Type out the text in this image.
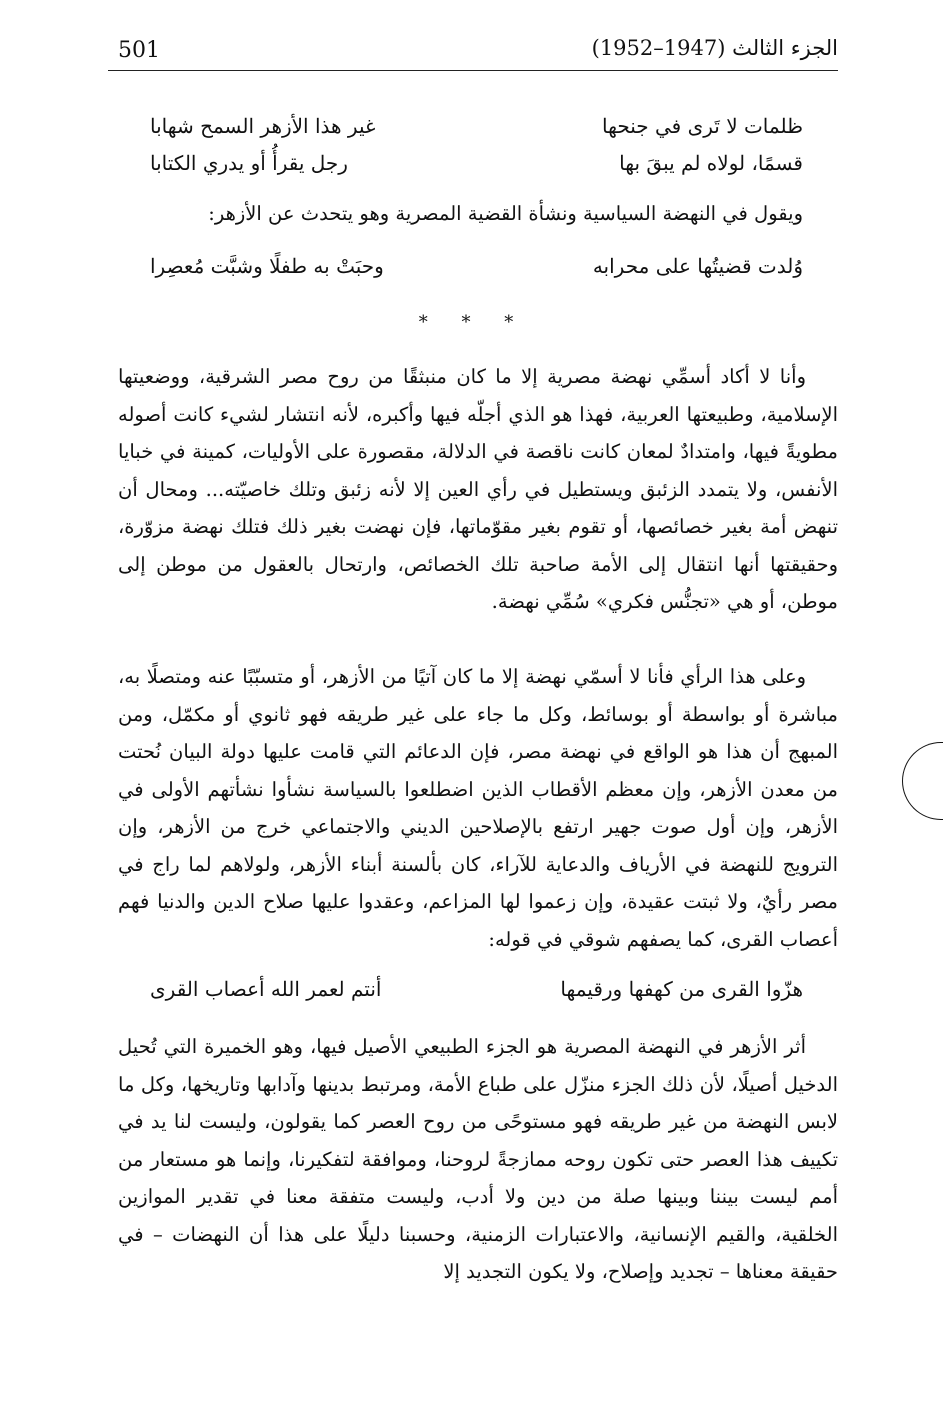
501	الجزء الثالث (1947–1952)
ظلمات لا تَرى في جنحها
غير هذا الأزهر السمح شهابا
قسمًا، لولاه لم يبقَ بها
رجل يقرأُ أو يدري الكتابا
ويقول في النهضة السياسية ونشأة القضية المصرية وهو يتحدث عن الأزهر:
وُلدت قضيتُها على محرابه
وحبَتْ به طفلًا وشبَّت مُعصِرا
* * *

وأنا لا أكاد أسمِّي نهضة مصرية إلا ما كان منبثقًا من روح مصر الشرقية، ووضعيتها الإسلامية، وطبيعتها العربية، فهذا هو الذي أجلّه فيها وأكبره، لأنه انتشار لشيء كانت أصوله مطويةً فيها، وامتدادٌ لمعان كانت ناقصة في الدلالة، مقصورة على الأوليات، كمينة في خبايا الأنفس، ولا يتمدد الزئبق ويستطيل في رأي العين إلا لأنه زئبق وتلك خاصيّته... ومحال أن تنهض أمة بغير خصائصها، أو تقوم بغير مقوّماتها، فإن نهضت بغير ذلك فتلك نهضة مزوّرة، وحقيقتها أنها انتقال إلى الأمة صاحبة تلك الخصائص، وارتحال بالعقول من موطن إلى موطن، أو هي «تجنُّس فكري» سُمِّي نهضة.

وعلى هذا الرأي فأنا لا أسمّي نهضة إلا ما كان آتيًا من الأزهر، أو متسبّبًا عنه ومتصلًا به، مباشرة أو بواسطة أو بوسائط، وكل ما جاء على غير طريقه فهو ثانوي أو مكمّل، ومن المبهج أن هذا هو الواقع في نهضة مصر، فإن الدعائم التي قامت عليها دولة البيان نُحتت من معدن الأزهر، وإن معظم الأقطاب الذين اضطلعوا بالسياسة نشأوا نشأتهم الأولى في الأزهر، وإن أول صوت جهير ارتفع بالإصلاحين الديني والاجتماعي خرج من الأزهر، وإن الترويج للنهضة في الأرياف والدعاية للآراء، كان بألسنة أبناء الأزهر، ولولاهم لما راج في مصر رأيٌ، ولا ثبتت عقيدة، وإن زعموا لها المزاعم، وعقدوا عليها صلاح الدين والدنيا فهم أعصاب القرى، كما يصفهم شوقي في قوله:

هزّوا القرى من كهفها ورقيمها
أنتم لعمر الله أعصاب القرى

أثر الأزهر في النهضة المصرية هو الجزء الطبيعي الأصيل فيها، وهو الخميرة التي تُحيل الدخيل أصيلًا، لأن ذلك الجزء منزّل على طباع الأمة، ومرتبط بدينها وآدابها وتاريخها، وكل ما لابس النهضة من غير طريقه فهو مستوحًى من روح العصر كما يقولون، وليست لنا يد في تكييف هذا العصر حتى تكون روحه ممازجةً لروحنا، وموافقة لتفكيرنا، وإنما هو مستعار من أمم ليست بيننا وبينها صلة من دين ولا أدب، وليست متفقة معنا في تقدير الموازين الخلقية، والقيم الإنسانية، والاعتبارات الزمنية، وحسبنا دليلًا على هذا أن النهضات – في حقيقة معناها – تجديد وإصلاح، ولا يكون التجديد إلا
